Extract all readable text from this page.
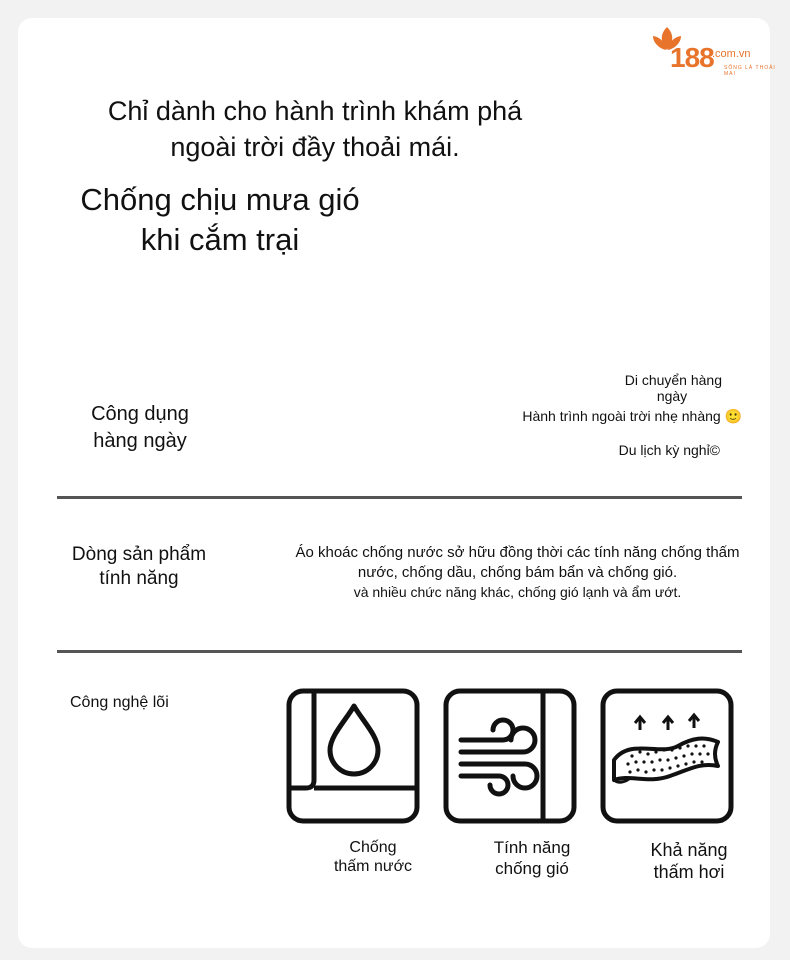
188
.com.vn
SỐNG LÀ THOẢI MÁI
Chỉ dành cho hành trình khám phá
ngoài trời đầy thoải mái.
Chống chịu mưa gió
khi cắm trại
Công dụng
hàng ngày
Di chuyển hàng
ngày
Hành trình ngoài trời nhẹ nhàng 🙂
Du lịch kỳ nghỉ©
Dòng sản phẩm
tính năng
Áo khoác chống nước sở hữu đồng thời các tính năng chống thấm
nước, chống dầu, chống bám bẩn và chống gió.
và nhiều chức năng khác, chống gió lạnh và ẩm ướt.
Công nghệ lõi
Chống
thấm nước
Tính năng
chống gió
Khả năng
thấm hơi
